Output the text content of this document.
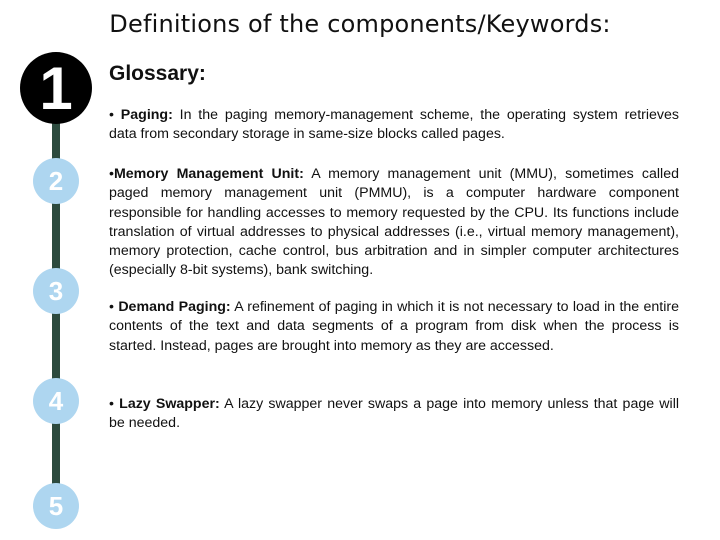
Definitions of the components/Keywords:
1
2
3
4
5
Glossary:
• Paging: In the paging memory-management scheme, the operating system retrieves data from secondary storage in same-size blocks called pages.
•Memory Management Unit: A memory management unit (MMU), sometimes called paged memory management unit (PMMU), is a computer hardware component responsible for handling accesses to memory requested by the CPU. Its functions include translation of virtual addresses to physical addresses (i.e., virtual memory management), memory protection, cache control, bus arbitration and in simpler computer architectures (especially 8-bit systems), bank switching.
• Demand Paging: A refinement of paging in which it is not necessary to load in the entire contents of the text and data segments of a program from disk when the process is started. Instead, pages are brought into memory as they are accessed.
• Lazy Swapper: A lazy swapper never swaps a page into memory unless that page will be needed.
